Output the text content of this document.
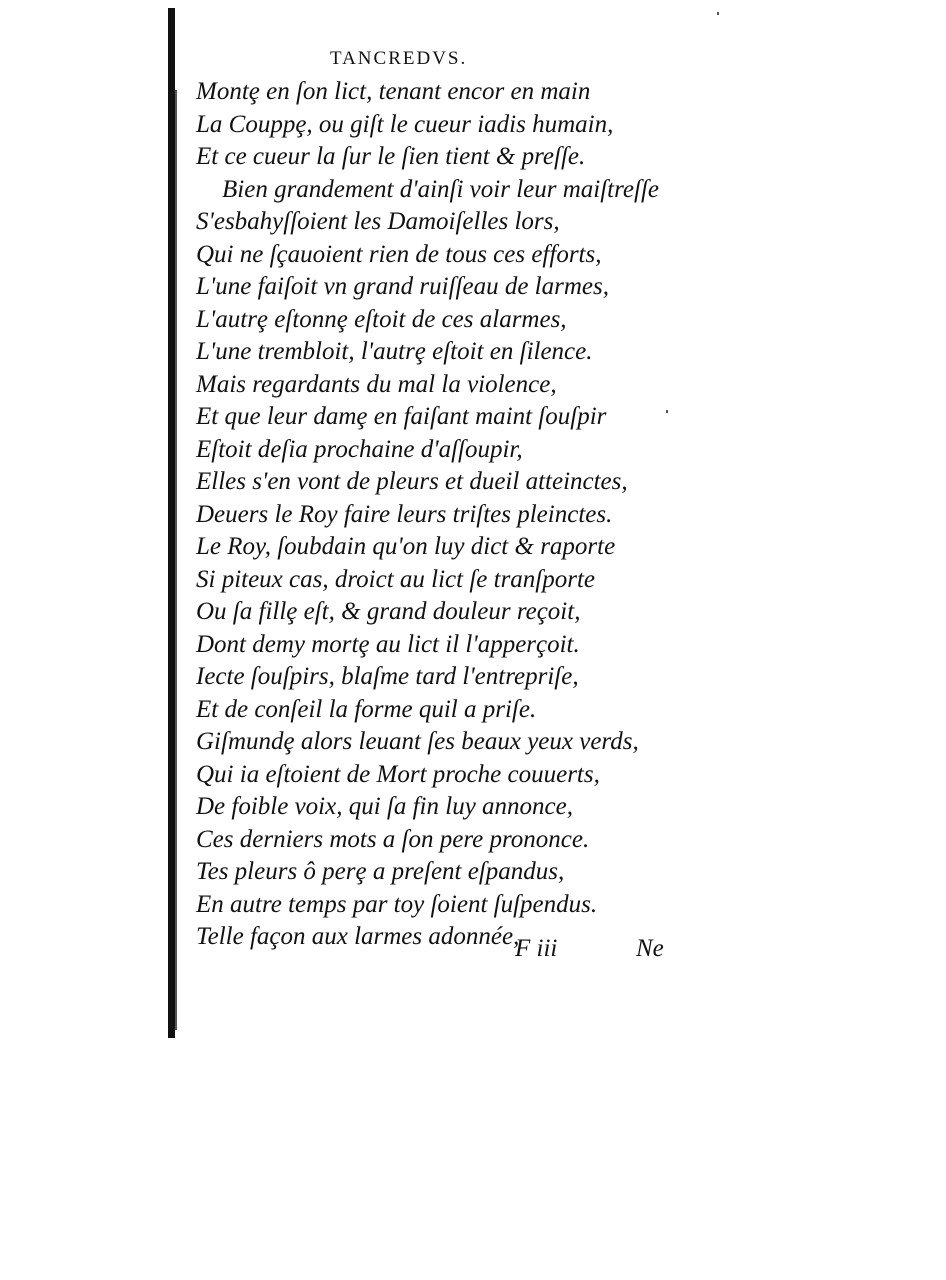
TANCREDVS.
Montȩ en ſon lict, tenant encor en main
La Couppȩ, ou giſt le cueur iadis humain,
Et ce cueur la ſur le ſien tient & preſſe.
Bien grandement d'ainſi voir leur maiſtreſſe
S'esbahyſſoient les Damoiſelles lors,
Qui ne ſçauoient rien de tous ces efforts,
L'une faiſoit vn grand ruiſſeau de larmes,
L'autrȩ eſtonnȩ eſtoit de ces alarmes,
L'une trembloit, l'autrȩ eſtoit en ſilence.
Mais regardants du mal la violence,
Et que leur damȩ en faiſant maint ſouſpir
Eſtoit deſia prochaine d'aſſoupir,
Elles s'en vont de pleurs et dueil atteinctes,
Deuers le Roy faire leurs triſtes pleinctes.
Le Roy, ſoubdain qu'on luy dict & raporte
Si piteux cas, droict au lict ſe tranſporte
Ou ſa fillȩ eſt, & grand douleur reçoit,
Dont demy mortȩ au lict il l'apperçoit.
Iecte ſouſpirs, blaſme tard l'entrepriſe,
Et de conſeil la forme quil a priſe.
Giſmundȩ alors leuant ſes beaux yeux verds,
Qui ia eſtoient de Mort proche couuerts,
De foible voix, qui ſa fin luy annonce,
Ces derniers mots a ſon pere prononce.
Tes pleurs ô perȩ a preſent eſpandus,
En autre temps par toy ſoient ſuſpendus.
Telle façon aux larmes adonnée,
F iii	Ne
